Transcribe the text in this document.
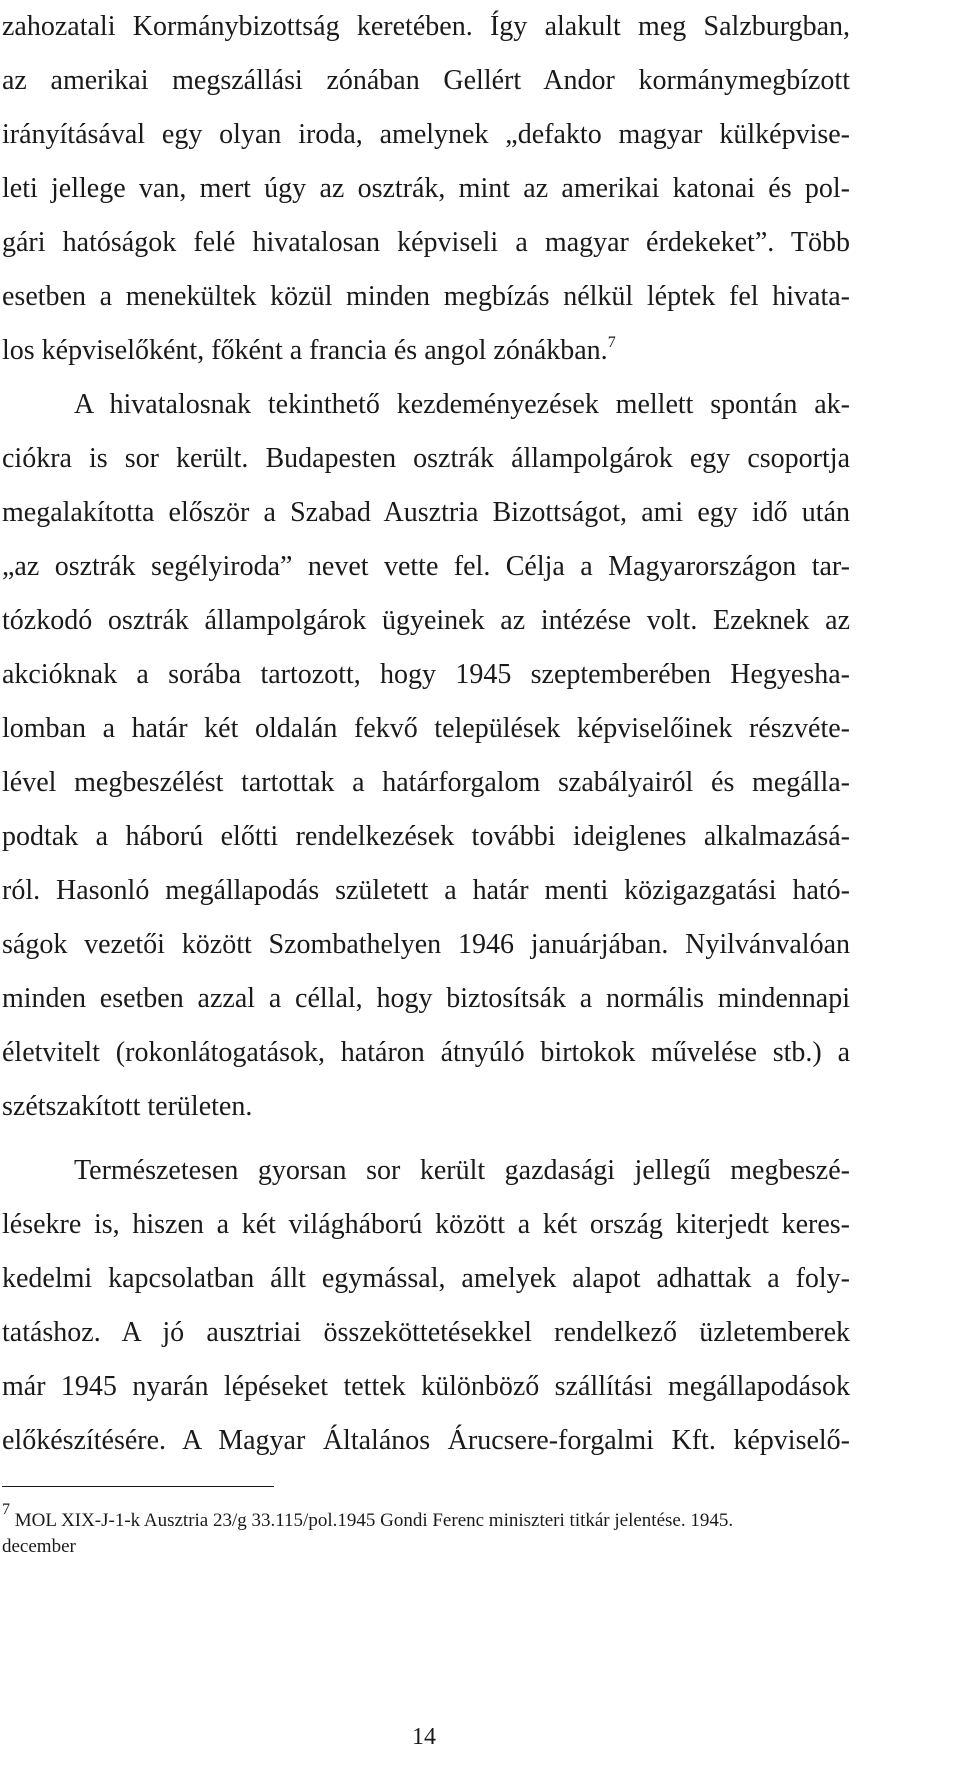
zahozatali Kormánybizottság keretében. Így alakult meg Salzburgban,
az amerikai megszállási zónában Gellért Andor kormánymegbízott
irányításával egy olyan iroda, amelynek „defakto magyar külképvise-
leti jellege van, mert úgy az osztrák, mint az amerikai katonai és pol-
gári hatóságok felé hivatalosan képviseli a magyar érdekeket”. Több
esetben a menekültek közül minden megbízás nélkül léptek fel hivata-
los képviselőként, főként a francia és angol zónákban.$^7$
A hivatalosnak tekinthető kezdeményezések mellett spontán ak-
ciókra is sor került. Budapesten osztrák állampolgárok egy csoportja
megalakította először a Szabad Ausztria Bizottságot, ami egy idő után
„az osztrák segélyiroda” nevet vette fel. Célja a Magyarországon tar-
tózkodó osztrák állampolgárok ügyeinek az intézése volt. Ezeknek az
akcióknak a sorába tartozott, hogy 1945 szeptemberében Hegyesha-
lomban a határ két oldalán fekvő települések képviselőinek részvéte-
lével megbeszélést tartottak a határforgalom szabályairól és megálla-
podtak a háború előtti rendelkezések további ideiglenes alkalmazásá-
ról. Hasonló megállapodás született a határ menti közigazgatási ható-
ságok vezetői között Szombathelyen 1946 januárjában. Nyilvánvalóan
minden esetben azzal a céllal, hogy biztosítsák a normális mindennapi
életvitelt (rokonlátogatások, határon átnyúló birtokok művelése stb.) a
szétszakított területen.
Természetesen gyorsan sor került gazdasági jellegű megbeszé-
lésekre is, hiszen a két világháború között a két ország kiterjedt keres-
kedelmi kapcsolatban állt egymással, amelyek alapot adhattak a foly-
tatáshoz. A jó ausztriai összeköttetésekkel rendelkező üzletemberek
már 1945 nyarán lépéseket tettek különböző szállítási megállapodások
előkészítésére. A Magyar Általános Árucsere-forgalmi Kft. képviselő-
$^7$ MOL XIX-J-1-k Ausztria 23/g 33.115/pol.1945 Gondi Ferenc miniszteri titkár jelentése. 1945.
december
14
